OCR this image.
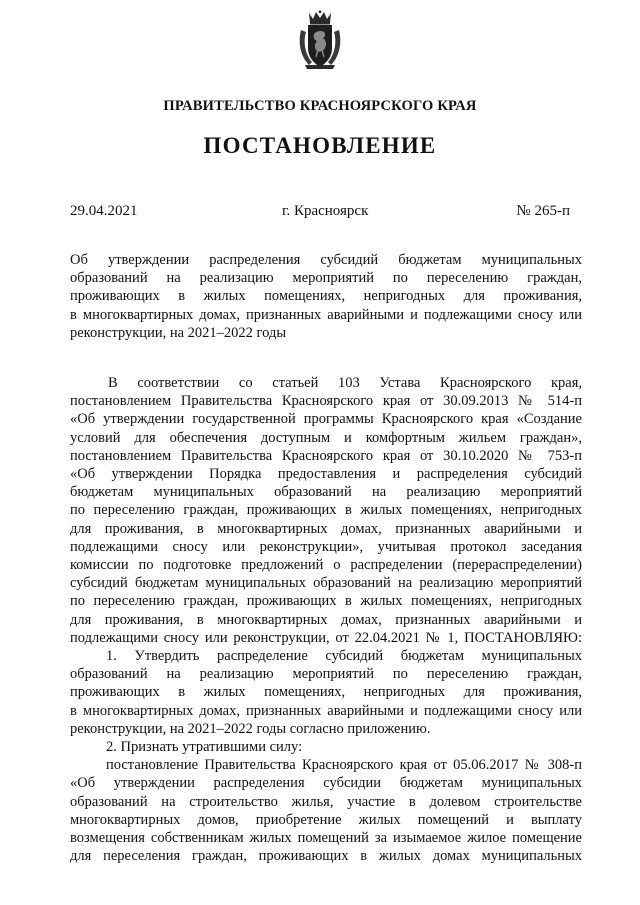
ПРАВИТЕЛЬСТВО КРАСНОЯРСКОГО КРАЯ
ПОСТАНОВЛЕНИЕ
29.04.2021	г. Красноярск	№ 265-п
Об утверждении распределения субсидий бюджетам муниципальных
образований на реализацию мероприятий по переселению граждан,
проживающих в жилых помещениях, непригодных для проживания,
в многоквартирных домах, признанных аварийными и подлежащими сносу или
реконструкции, на 2021–2022 годы
В соответствии со статьей 103 Устава Красноярского края,
постановлением Правительства Красноярского края от 30.09.2013 № 514-п
«Об утверждении государственной программы Красноярского края «Создание
условий для обеспечения доступным и комфортным жильем граждан»,
постановлением Правительства Красноярского края от 30.10.2020 № 753-п
«Об утверждении Порядка предоставления и распределения субсидий
бюджетам муниципальных образований на реализацию мероприятий
по переселению граждан, проживающих в жилых помещениях, непригодных
для проживания, в многоквартирных домах, признанных аварийными и
подлежащими сносу или реконструкции», учитывая протокол заседания
комиссии по подготовке предложений о распределении (перераспределении)
субсидий бюджетам муниципальных образований на реализацию мероприятий
по переселению граждан, проживающих в жилых помещениях, непригодных
для проживания, в многоквартирных домах, признанных аварийными и
подлежащими сносу или реконструкции, от 22.04.2021 № 1, ПОСТАНОВЛЯЮ:
1. Утвердить распределение субсидий бюджетам муниципальных
образований на реализацию мероприятий по переселению граждан,
проживающих в жилых помещениях, непригодных для проживания,
в многоквартирных домах, признанных аварийными и подлежащими сносу или
реконструкции, на 2021–2022 годы согласно приложению.
2. Признать утратившими силу:
постановление Правительства Красноярского края от 05.06.2017 № 308-п
«Об утверждении распределения субсидии бюджетам муниципальных
образований на строительство жилья, участие в долевом строительстве
многоквартирных домов, приобретение жилых помещений и выплату
возмещения собственникам жилых помещений за изымаемое жилое помещение
для переселения граждан, проживающих в жилых домах муниципальных
